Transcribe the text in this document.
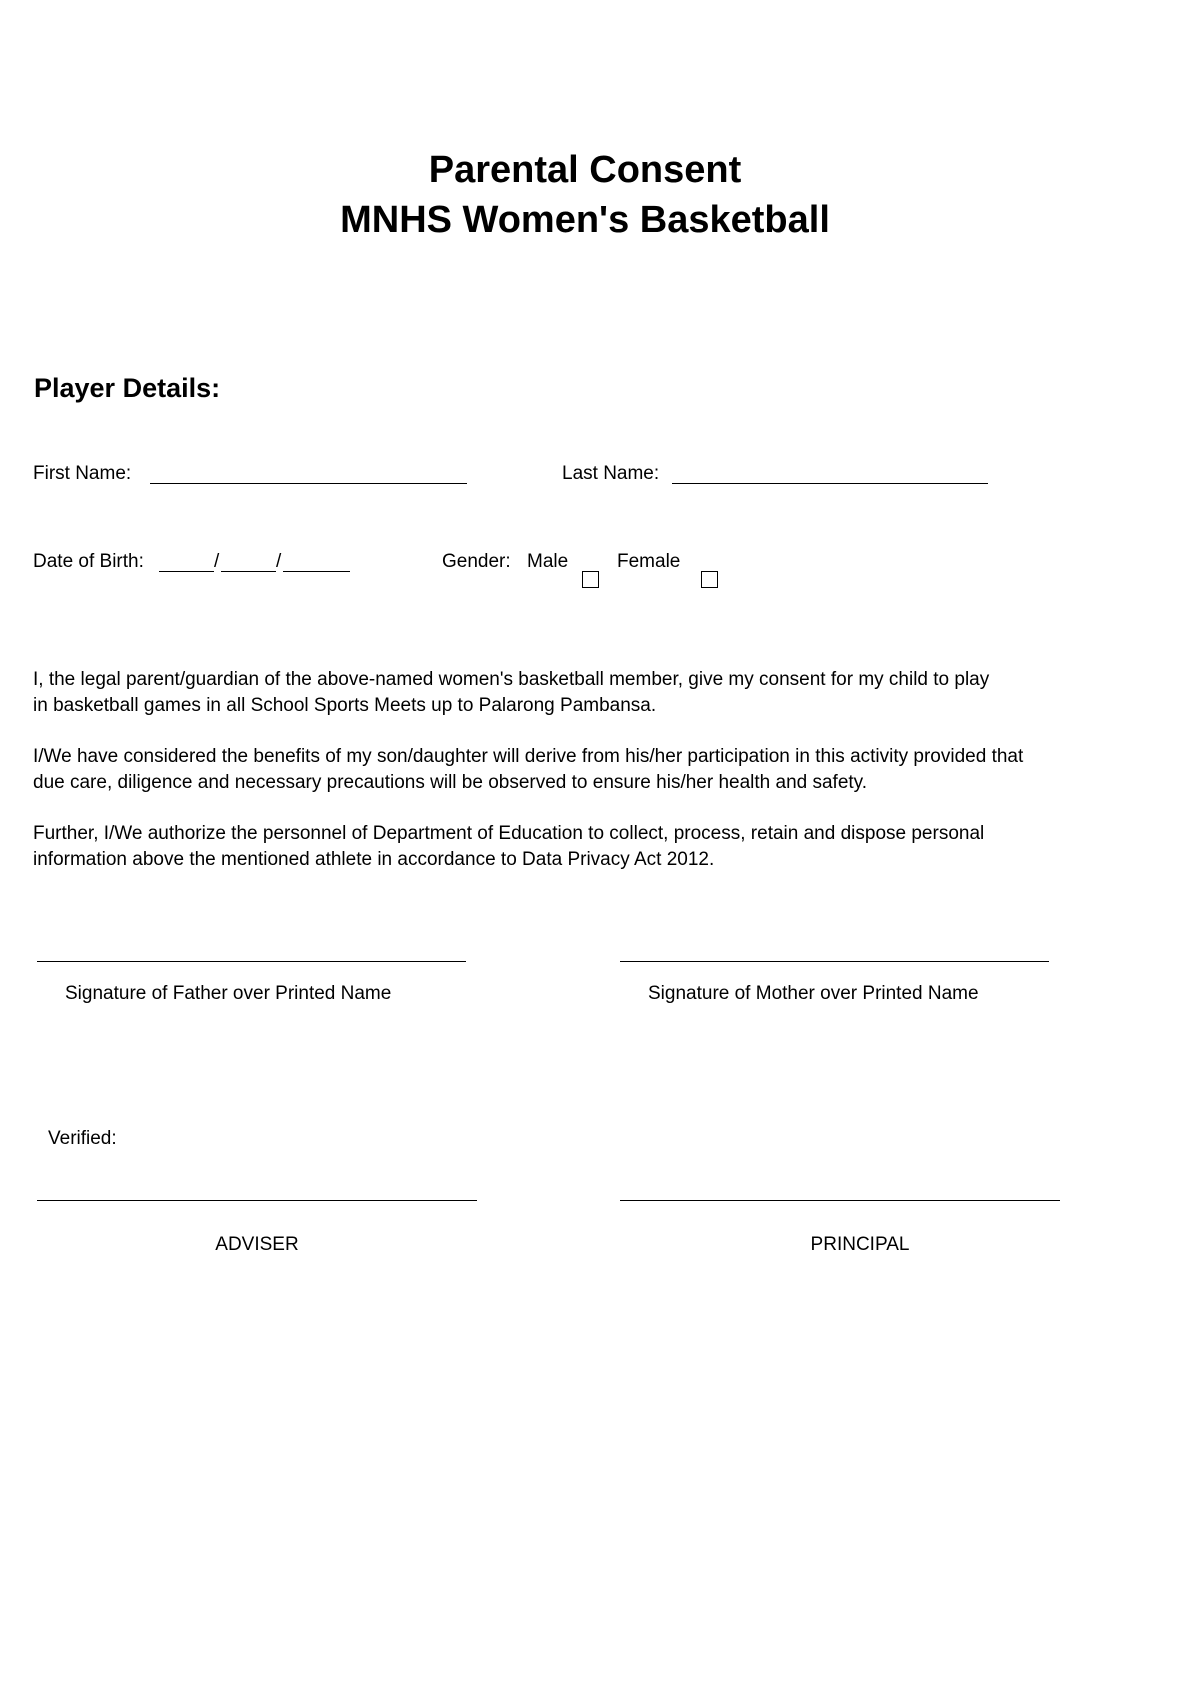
Parental Consent
MNHS Women's Basketball
Player Details:
First Name:	Last Name:
Date of Birth:	/	/	Gender: Male	Female
I, the legal parent/guardian of the above-named women's basketball member, give my consent for my child to play
in basketball games in all School Sports Meets up to Palarong Pambansa.
I/We have considered the benefits of my son/daughter will derive from his/her participation in this activity provided that
due care, diligence and necessary precautions will be observed to ensure his/her health and safety.
Further, I/We authorize the personnel of Department of Education to collect, process, retain and dispose personal
information above the mentioned athlete in accordance to Data Privacy Act 2012.
Signature of Father over Printed Name	Signature of Mother over Printed Name
Verified:
ADVISER	PRINCIPAL
